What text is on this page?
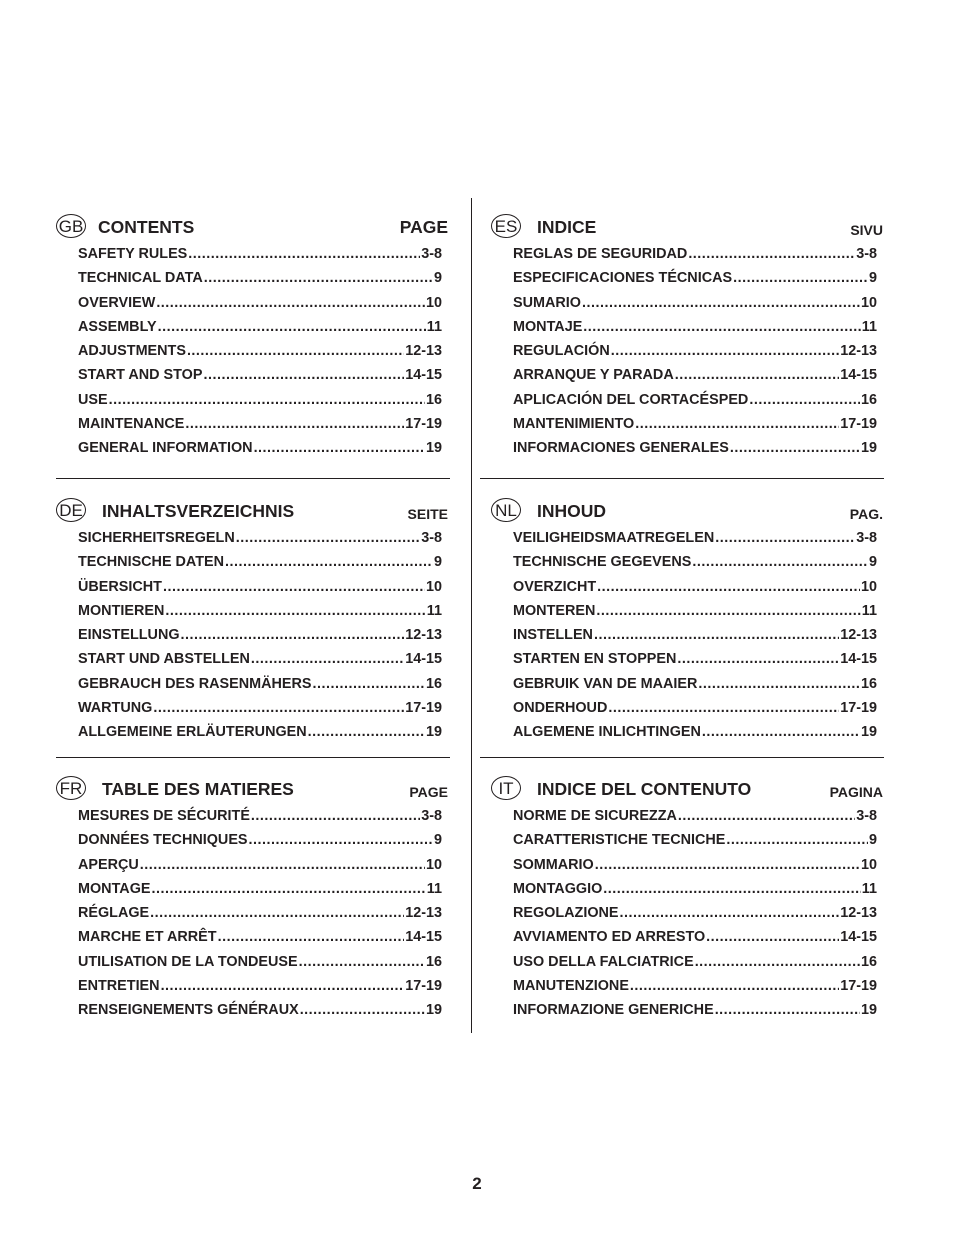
GB CONTENTS	PAGE
SAFETY RULES .....	3-8
TECHNICAL DATA .....	9
OVERVIEW .....	10
ASSEMBLY .....	11
ADJUSTMENTS .....	12-13
START AND STOP .....	14-15
USE .....	16
MAINTENANCE .....	17-19
GENERAL INFORMATION .....	19
ES INDICE	SIVU
REGLAS DE SEGURIDAD .....	3-8
ESPECIFICACIONES TÉCNICAS .....	9
SUMARIO .....	10
MONTAJE .....	11
REGULACIÓN .....	12-13
ARRANQUE Y PARADA .....	14-15
APLICACIÓN DEL CORTACÉSPED .....	16
MANTENIMIENTO .....	17-19
INFORMACIONES GENERALES .....	19
DE INHALTSVERZEICHNIS	SEITE
SICHERHEITSREGELN .....	3-8
TECHNISCHE DATEN .....	9
ÜBERSICHT .....	10
MONTIEREN .....	11
EINSTELLUNG .....	12-13
START UND ABSTELLEN .....	14-15
GEBRAUCH DES RASENMÄHERS .....	16
WARTUNG .....	17-19
ALLGEMEINE ERLÄUTERUNGEN .....	19
NL INHOUD	PAG.
VEILIGHEIDSMAATREGELEN .....	3-8
TECHNISCHE GEGEVENS .....	9
OVERZICHT .....	10
MONTEREN .....	11
INSTELLEN .....	12-13
STARTEN EN STOPPEN .....	14-15
GEBRUIK VAN DE MAAIER .....	16
ONDERHOUD .....	17-19
ALGEMENE INLICHTINGEN .....	19
FR TABLE DES MATIERES	PAGE
MESURES DE SÉCURITÉ .....	3-8
DONNÉES TECHNIQUES .....	9
APERÇU .....	10
MONTAGE .....	11
RÉGLAGE .....	12-13
MARCHE ET ARRÊT .....	14-15
UTILISATION DE LA TONDEUSE .....	16
ENTRETIEN .....	17-19
RENSEIGNEMENTS GÉNÉRAUX .....	19
IT	INDICE DEL CONTENUTO	PAGINA
NORME DE SICUREZZA .....	3-8
CARATTERISTICHE TECNICHE .....	9
SOMMARIO .....	10
MONTAGGIO .....	11
REGOLAZIONE .....	12-13
AVVIAMENTO ED ARRESTO .....	14-15
USO DELLA FALCIATRICE .....	16
MANUTENZIONE .....	17-19
INFORMAZIONE GENERICHE .....	19
2
